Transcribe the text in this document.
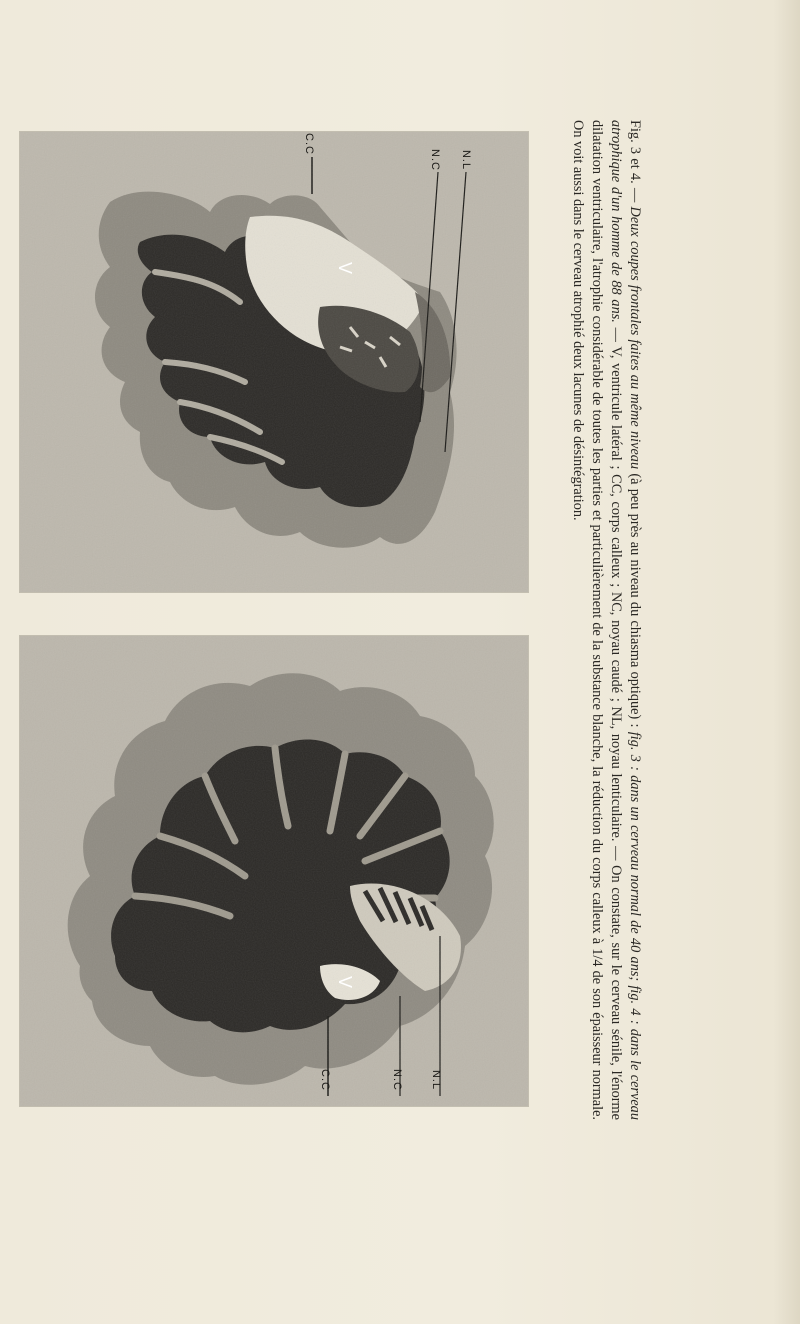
C.C
N.C N.L
V
C.C	N.C N.L
V

Fig. 3 et 4. — Deux coupes frontales faites au même niveau (à peu près au niveau du chiasma optique) : fig. 3 : dans un cerveau normal de 40 ans; fig. 4 : dans le cerveau atrophique d'un homme de 88 ans. — V, ventricule latéral ; CC, corps calleux ; NC, noyau caudé ; NL, noyau lenticulaire. — On constate, sur le cerveau sénile, l'énorme dilatation ventriculaire, l'atrophie considérable de toutes les parties et particulièrement de la substance blanche, la réduction du corps calleux à 1/4 de son épaisseur normale. On voit aussi dans le cerveau atrophié deux lacunes de désintégration.
